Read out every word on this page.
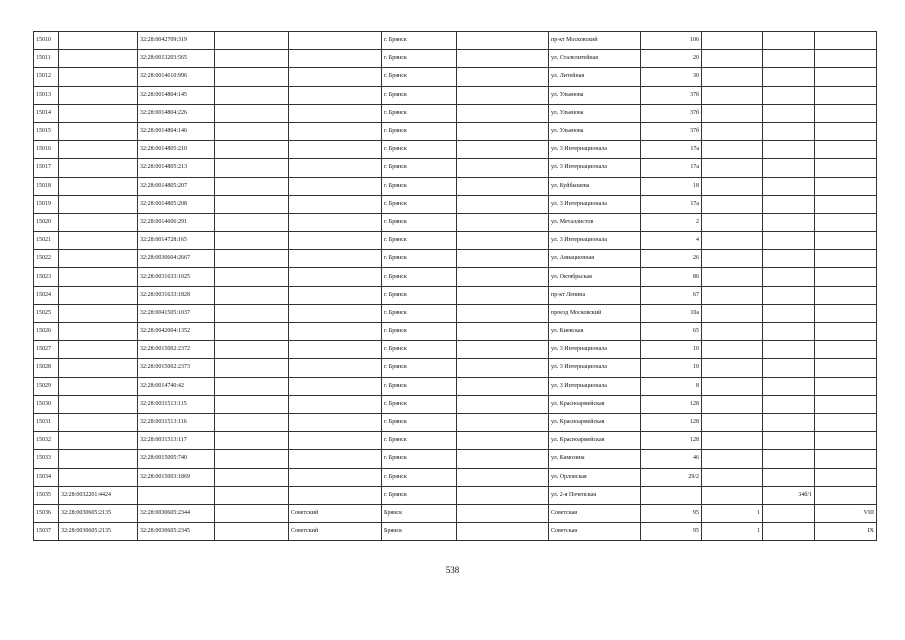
15010		32:28:0042709:319			г. Брянск		пр-кт Московский	106			
15011		32:28:0013203:565			г. Брянск		ул. Сталелитейная	20			
15012		32:28:0014610:996			г. Брянск		ул. Литейная	30			
15013		32:28:0014804:145			г. Брянск		ул. Ульянова	37б			
15014		32:28:0014804:226			г. Брянск		ул. Ульянова	37б			
15015		32:28:0014804:146			г. Брянск		ул. Ульянова	37б			
15016		32:28:0014805:210			г. Брянск		ул. 3 Интернационала	17а			
15017		32:28:0014805:213			г. Брянск		ул. 3 Интернационала	17а			
15018		32:28:0014805:207			г. Брянск		ул. Куйбышева	18			
15019		32:28:0014805:208			г. Брянск		ул. 3 Интернационала	17а			
15020		32:28:0014606:291			г. Брянск		ул. Металлистов	2			
15021		32:28:0014728:165			г. Брянск		ул. 3 Интернационала	4			
15022		32:28:0030604:2667			г. Брянск		ул. Авиационная	26			
15023		32:28:0031633:1025			г. Брянск		ул. Октябрьская	86			
15024		32:28:0031633:1828			г. Брянск		пр-кт Ленина	67			
15025		32:28:0041505:1037			г. Брянск		проезд Московский	10а			
15026		32:28:0042004:1352			г. Брянск		ул. Киевская	65			
15027		32:28:0015002:2372			г. Брянск		ул. 3 Интернационала	10			
15028		32:28:0015002:2373			г. Брянск		ул. 3 Интернационала	10			
15029		32:28:0014740:42			г. Брянск		ул. 3 Интернационала	8			
15030		32:28:0031513:115			г. Брянск		ул. Красноармейская	128			
15031		32:28:0031513:116			г. Брянск		ул. Красноармейская	128			
15032		32:28:0031513:117			г. Брянск		ул. Красноармейская	128			
15033		32:28:0015005:740			г. Брянск		ул. Камозина	46			
15034		32:28:0015003:1869			г. Брянск		ул. Орловская	29/2			
15035	32:28:0032201:4424				г. Брянск		ул. 2-я Почепская			34б/1	
15036	32:28:0030605:2135	32:28:0030605:2344		Советский	Брянск		Советская	95	1		VIII
15037	32:28:0030605:2135	32:28:0030605:2345		Советский	Брянск		Советская	95	1		IX
538
